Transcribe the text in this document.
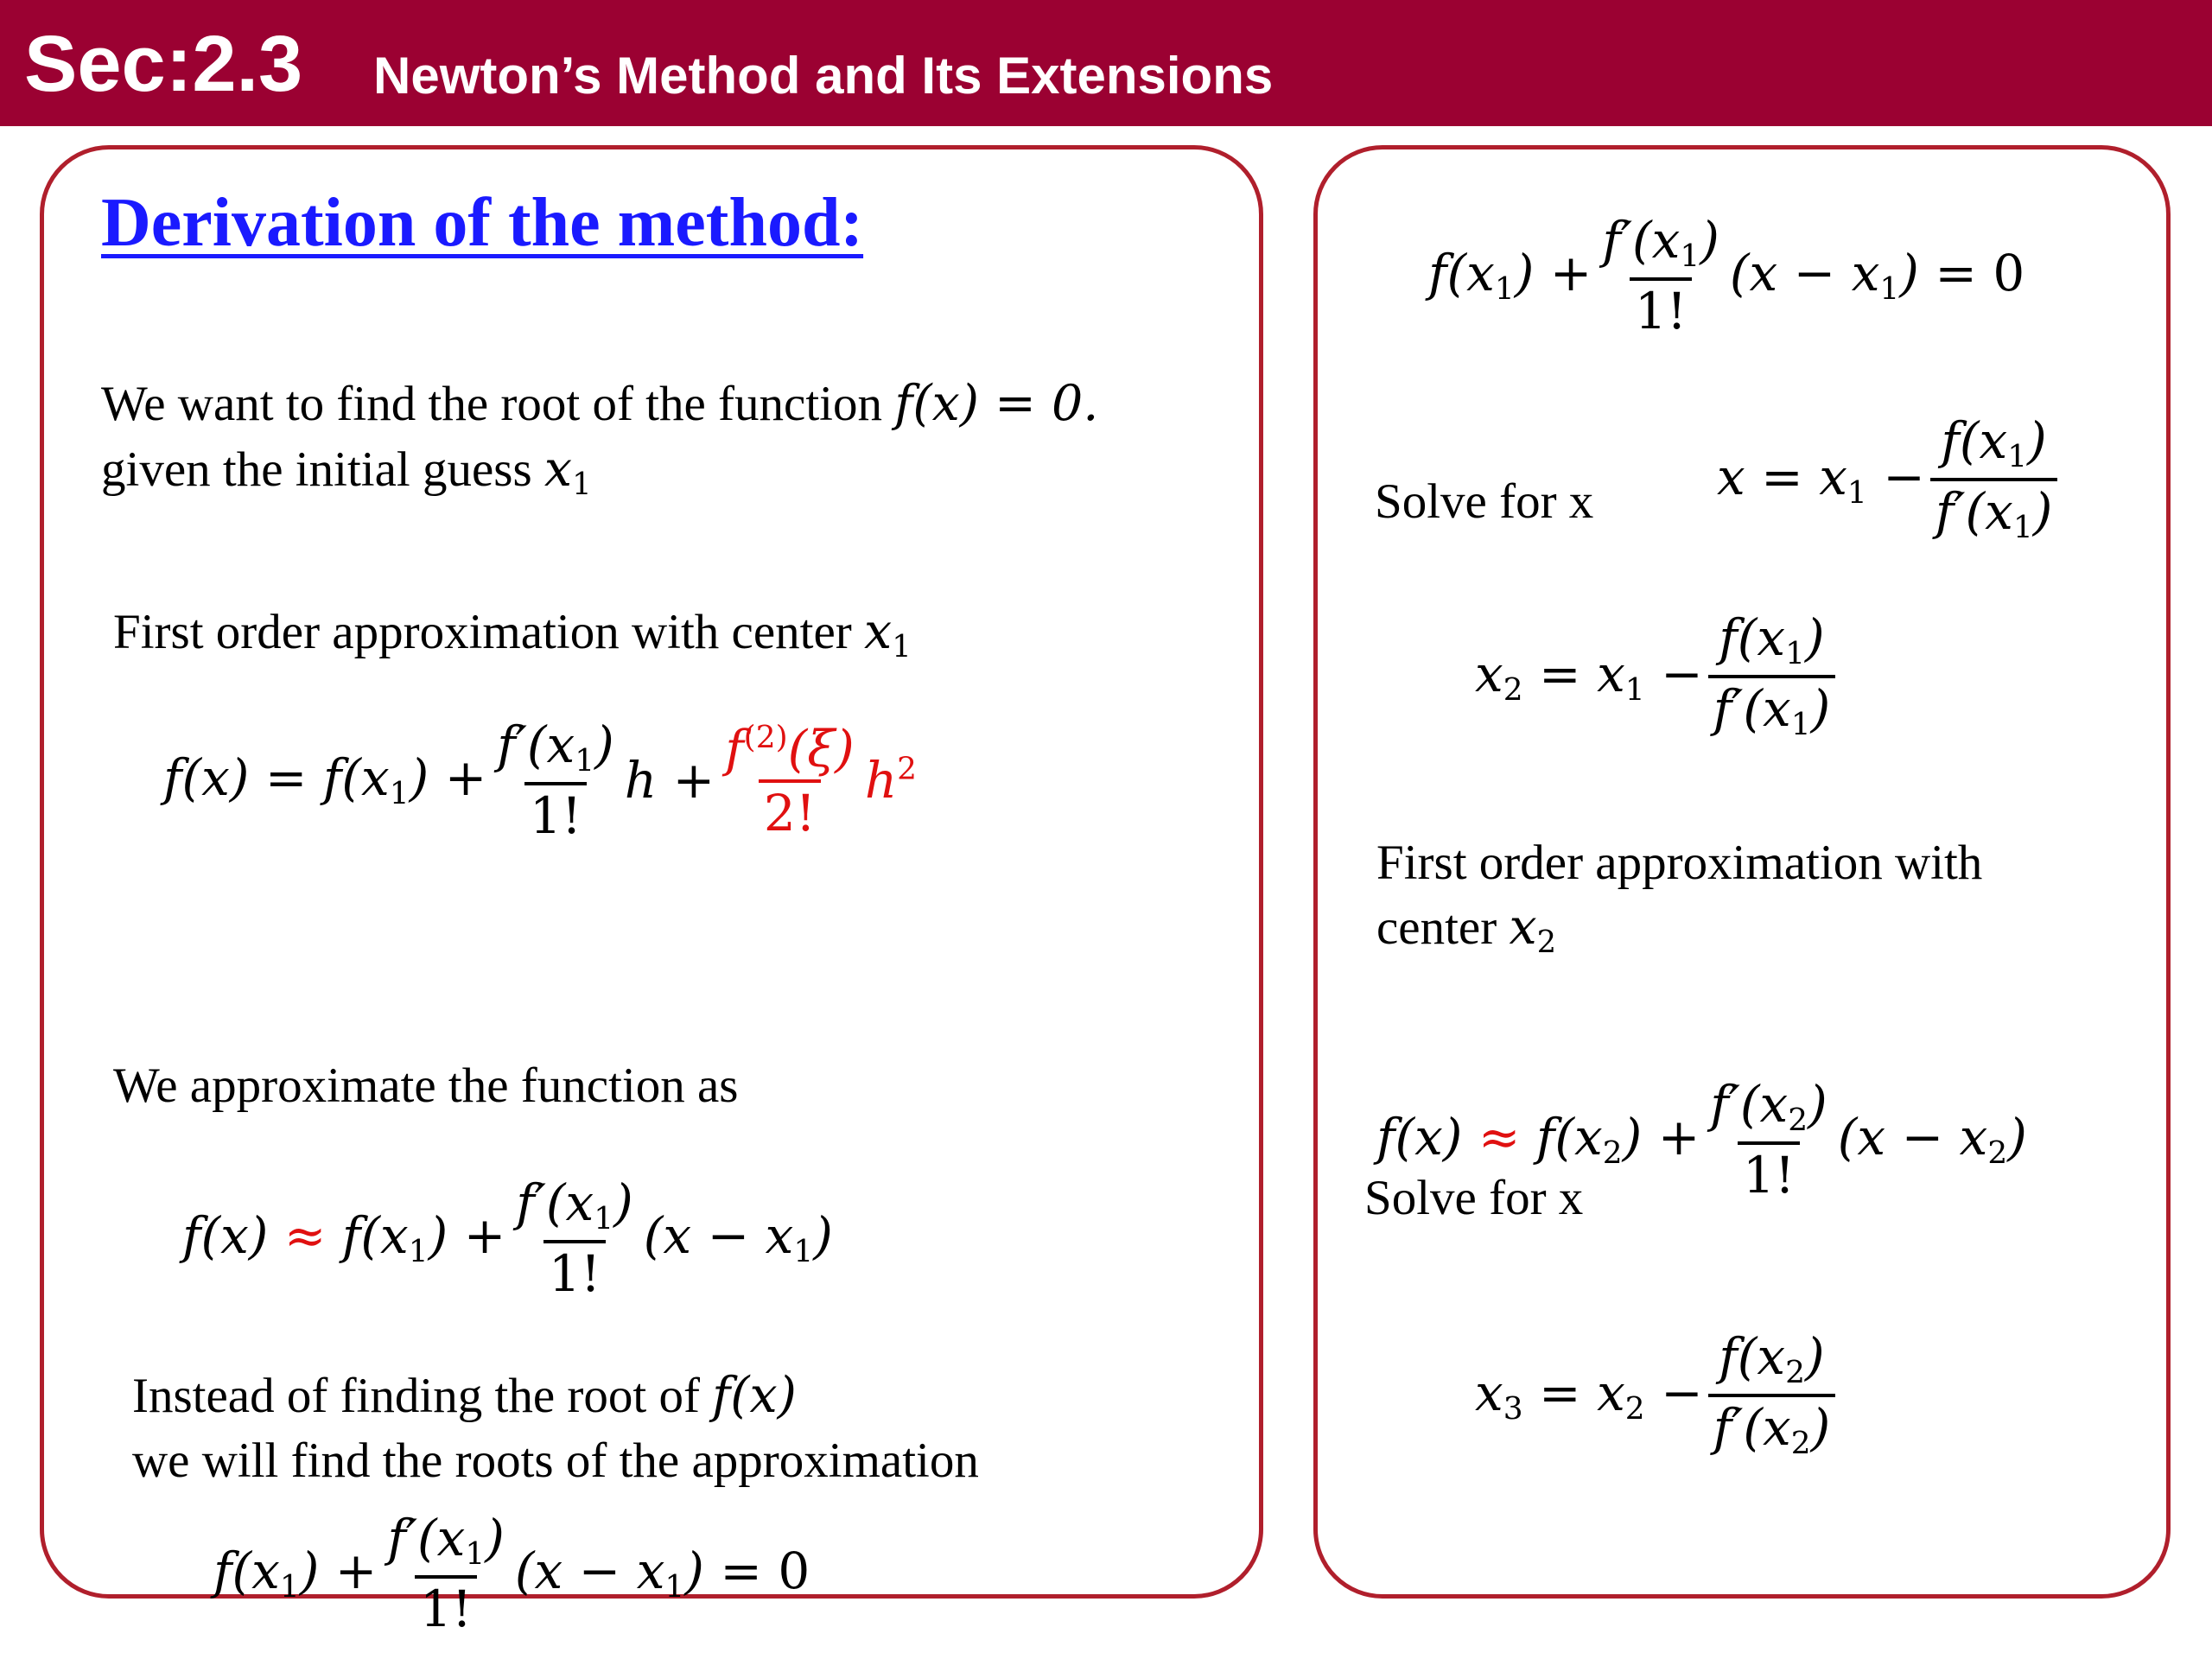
Sec:2.3 Newton’s Method and Its Extensions
Derivation of the method:
We want to find the root of the function f(x) = 0.
given the initial guess $x_1$
First order approximation with center $x_1$
$f(x) = f(x_1) + \frac{f'(x_1)}{1!}$ $h + \frac{f^{(2)}(\xi)}{2!} h^2$
We approximate the function as
$f(x) \approx f(x_1) + \frac{f'(x_1)}{1!} (x - x_1)$
Instead of finding the root of f(x)
we will find the roots of the approximation
$f(x_1) + \frac{f'(x_1)}{1!} (x - x_1) = 0$
$f(x_1) + \frac{f'(x_1)}{1!} (x - x_1) = 0$
Solve for x $x = x_1 - \frac{f(x_1)}{f'(x_1)}$
$x_2 = x_1 - \frac{f(x_1)}{f'(x_1)}$
First order approximation with
center $x_2$
$f(x) \approx f(x_2) + \frac{f'(x_2)}{1!} (x - x_2)$
Solve for x
$x_3 = x_2 - \frac{f(x_2)}{f'(x_2)}$
